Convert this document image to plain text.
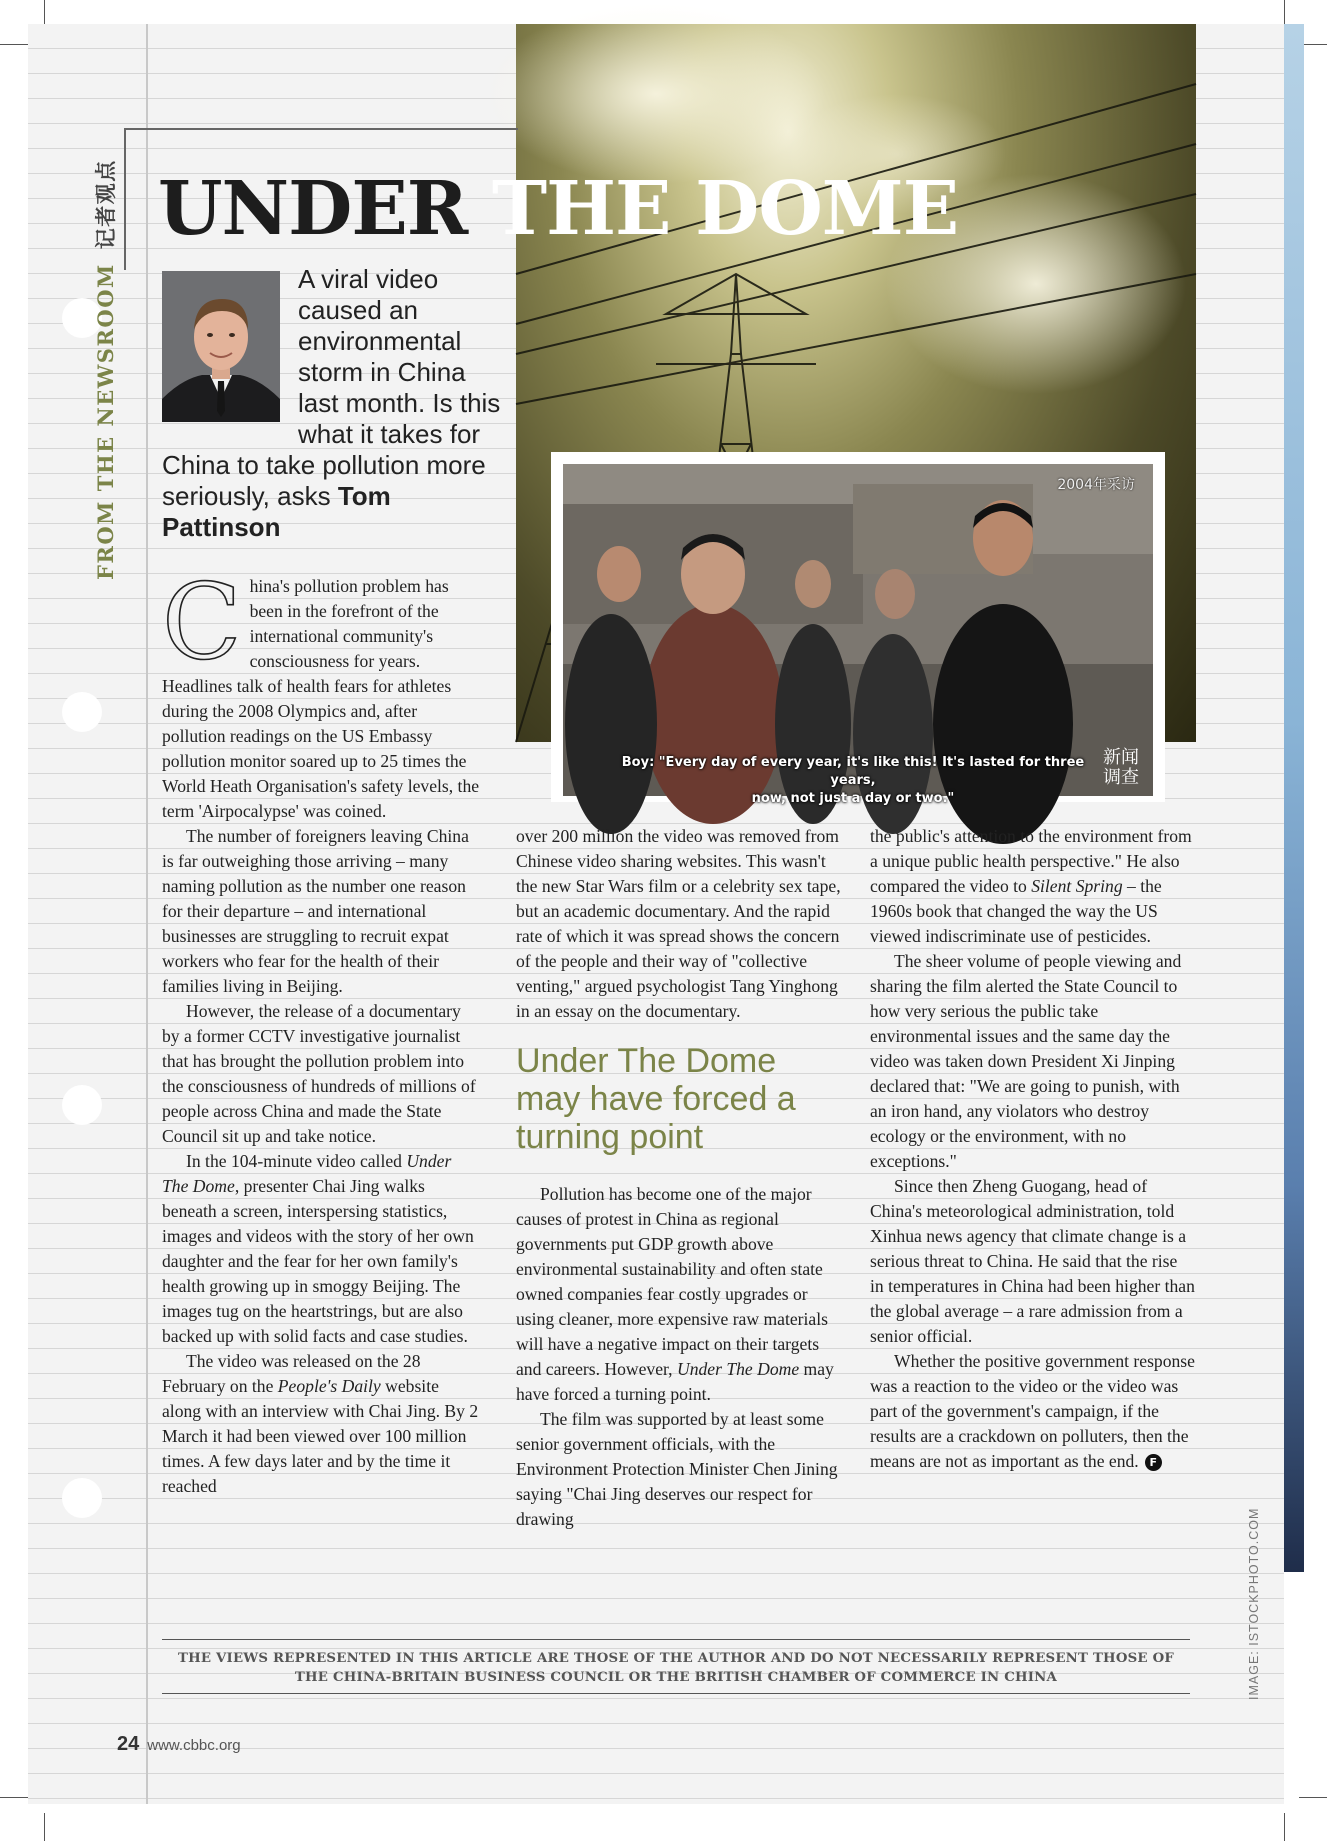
FROM THE NEWSROOM记者观点 UNDER THE DOME
A viral video caused an environmental storm in China last month. Is this what it takes for China to take pollution more seriously, asks Tom Pattinson
2004年采访
Boy: "Every day of every year, it's like this! It's lasted for three years,
now, not just a day or two."
新闻调查

China's pollution problem has been in the forefront of the international community's consciousness for years. Headlines talk of health fears for athletes during the 2008 Olympics and, after pollution readings on the US Embassy pollution monitor soared up to 25 times the World Heath Organisation's safety levels, the term 'Airpocalypse' was coined.

The number of foreigners leaving China is far outweighing those arriving – many naming pollution as the number one reason for their departure – and international businesses are struggling to recruit expat workers who fear for the health of their families living in Beijing.

However, the release of a documentary by a former CCTV investigative journalist that has brought the pollution problem into the consciousness of hundreds of millions of people across China and made the State Council sit up and take notice.

In the 104-minute video called Under The Dome, presenter Chai Jing walks beneath a screen, interspersing statistics, images and videos with the story of her own daughter and the fear for her own family's health growing up in smoggy Beijing. The images tug on the heartstrings, but are also backed up with solid facts and case studies.

The video was released on the 28 February on the People's Daily website along with an interview with Chai Jing. By 2 March it had been viewed over 100 million times. A few days later and by the time it reached

over 200 million the video was removed from Chinese video sharing websites. This wasn't the new Star Wars film or a celebrity sex tape, but an academic documentary. And the rapid rate of which it was spread shows the concern of the people and their way of "collective venting," argued psychologist Tang Yinghong in an essay on the documentary.

Under The Dome may have forced a turning point

Pollution has become one of the major causes of protest in China as regional governments put GDP growth above environmental sustainability and often state owned companies fear costly upgrades or using cleaner, more expensive raw materials will have a negative impact on their targets and careers. However, Under The Dome may have forced a turning point.

The film was supported by at least some senior government officials, with the Environment Protection Minister Chen Jining saying "Chai Jing deserves our respect for drawing

the public's attention to the environment from a unique public health perspective." He also compared the video to Silent Spring – the 1960s book that changed the way the US viewed indiscriminate use of pesticides.

The sheer volume of people viewing and sharing the film alerted the State Council to how very serious the public take environmental issues and the same day the video was taken down President Xi Jinping declared that: "We are going to punish, with an iron hand, any violators who destroy ecology or the environment, with no exceptions."

Since then Zheng Guogang, head of China's meteorological administration, told Xinhua news agency that climate change is a serious threat to China. He said that the rise in temperatures in China had been higher than the global average – a rare admission from a senior official.

Whether the positive government response was a reaction to the video or the video was part of the government's campaign, if the results are a crackdown on polluters, then the means are not as important as the end. F

THE VIEWS REPRESENTED IN THIS ARTICLE ARE THOSE OF THE AUTHOR AND DO NOT NECESSARILY REPRESENT THOSE OF THE CHINA-BRITAIN BUSINESS COUNCIL OR THE BRITISH CHAMBER OF COMMERCE IN CHINA	IMAGE: ISTOCKPHOTO.COM
24 www.cbbc.org
